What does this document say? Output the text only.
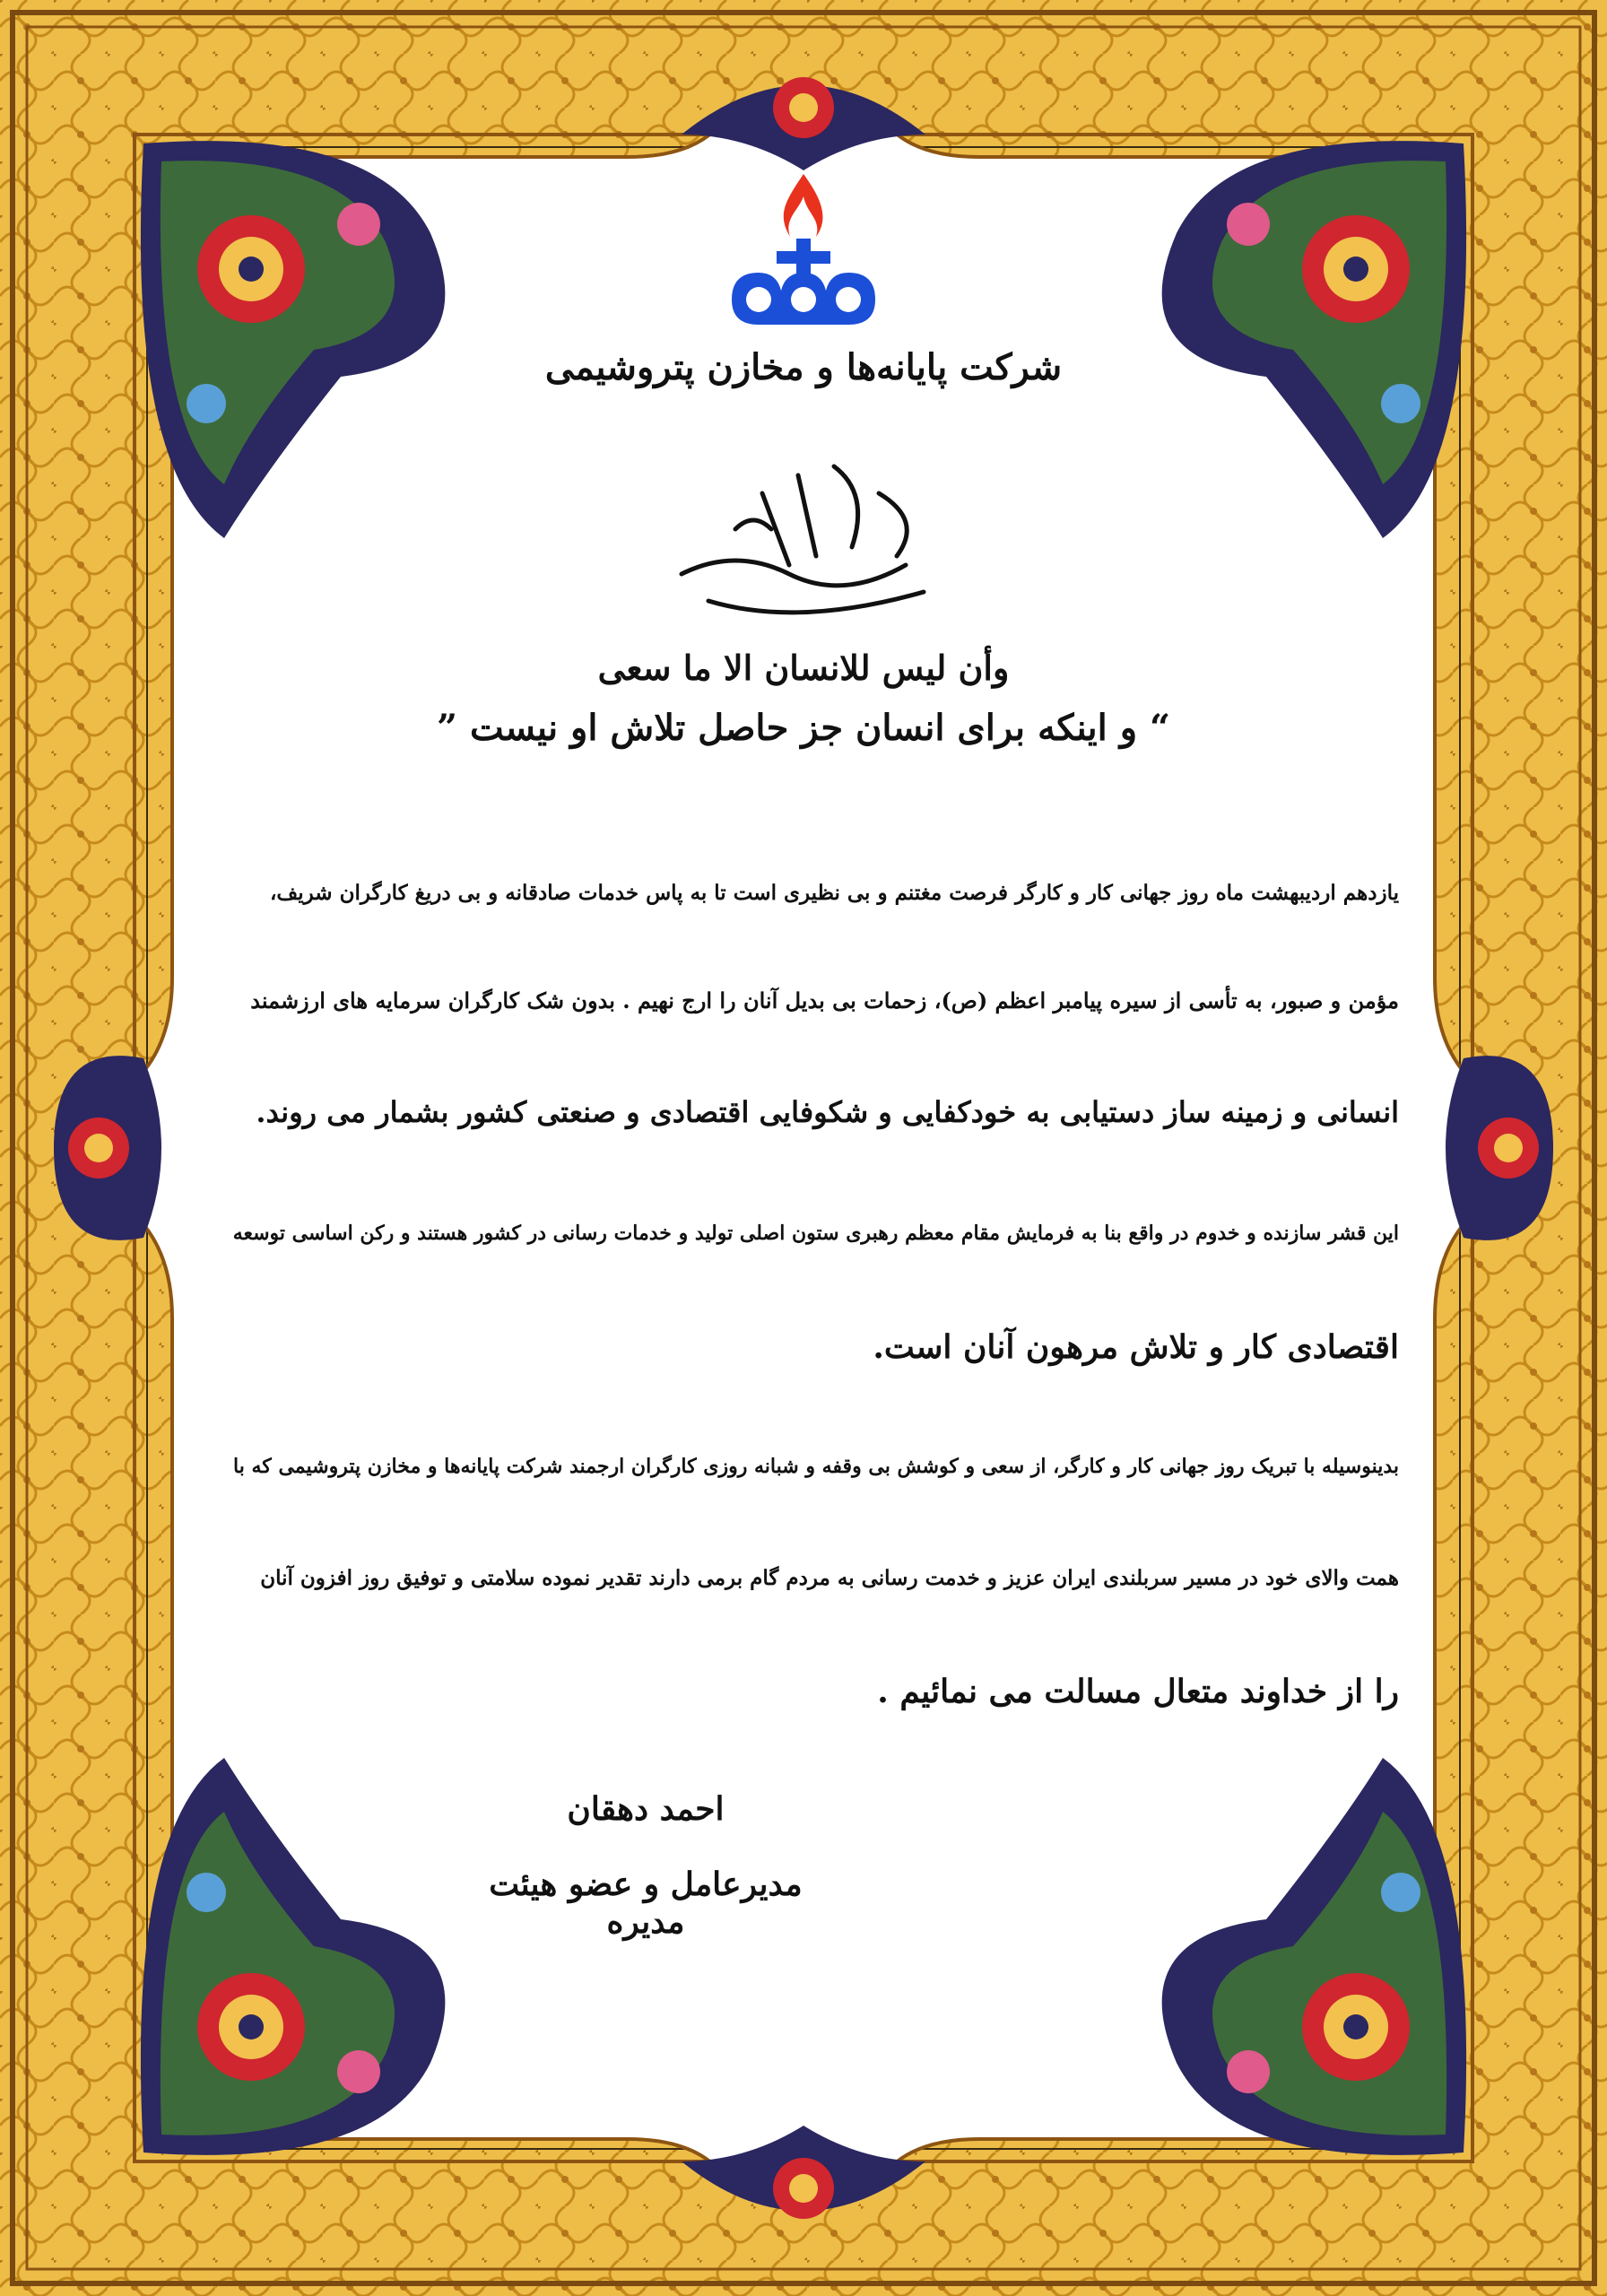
شرکت پایانه‌ها و مخازن پتروشیمی
وأن لیس للانسان الا ما سعی
“ و اینکه برای انسان جز حاصل تلاش او نیست ”
یازدهم اردیبهشت ماه روز جهانی کار و کارگر فرصت مغتنم و بی نظیری است تا به پاس خدمات صادقانه و بی دریغ کارگران شریف،
مؤمن و صبور، به تأسی از سیره پیامبر اعظم (ص)، زحمات بی بدیل آنان را ارج نهیم . بدون شک کارگران سرمایه های ارزشمند
انسانی و زمینه ساز دستیابی به خودکفایی و شکوفایی اقتصادی و صنعتی کشور بشمار می روند.
این قشر سازنده و خدوم در واقع بنا به فرمایش مقام معظم رهبری ستون اصلی تولید و خدمات رسانی در کشور هستند و رکن اساسی توسعه
اقتصادی کار و تلاش مرهون آنان است.
بدینوسیله با تبریک روز جهانی کار و کارگر، از سعی و کوشش بی وقفه و شبانه روزی کارگران ارجمند شرکت پایانه‌ها و مخازن پتروشیمی که با
همت والای خود در مسیر سربلندی ایران عزیز و خدمت رسانی به مردم گام برمی دارند تقدیر نموده سلامتی و توفیق روز افزون آنان
را از خداوند متعال مسالت می نمائیم .
احمد دهقان
مدیرعامل و عضو هیئت مدیره
